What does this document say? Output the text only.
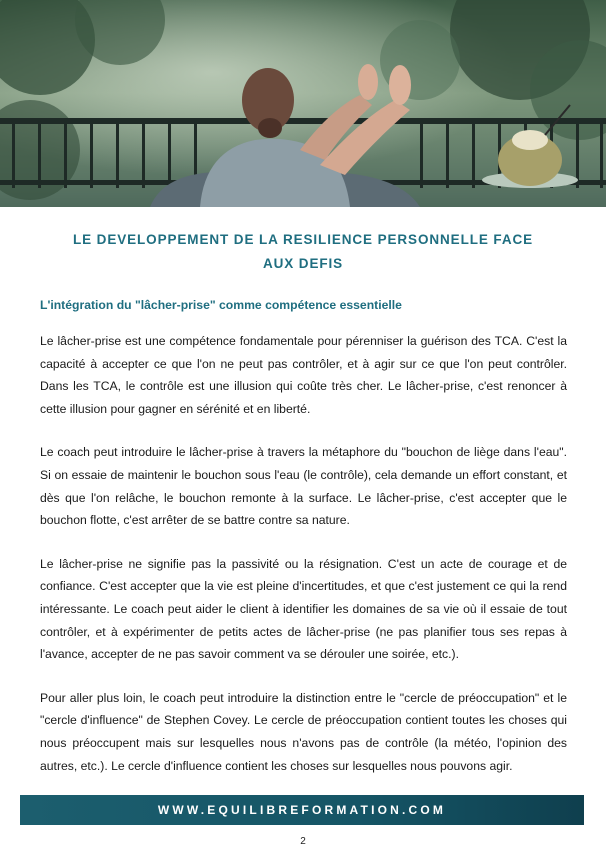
LE DEVELOPPEMENT DE LA RESILIENCE PERSONNELLE FACE
AUX DEFIS
L'intégration du "lâcher-prise" comme compétence essentielle

Le lâcher-prise est une compétence fondamentale pour pérenniser la guérison des TCA. C'est la capacité à accepter ce que l'on ne peut pas contrôler, et à agir sur ce que l'on peut contrôler. Dans les TCA, le contrôle est une illusion qui coûte très cher. Le lâcher-prise, c'est renoncer à cette illusion pour gagner en sérénité et en liberté.

Le coach peut introduire le lâcher-prise à travers la métaphore du "bouchon de liège dans l'eau". Si on essaie de maintenir le bouchon sous l'eau (le contrôle), cela demande un effort constant, et dès que l'on relâche, le bouchon remonte à la surface. Le lâcher-prise, c'est accepter que le bouchon flotte, c'est arrêter de se battre contre sa nature.

Le lâcher-prise ne signifie pas la passivité ou la résignation. C'est un acte de courage et de confiance. C'est accepter que la vie est pleine d'incertitudes, et que c'est justement ce qui la rend intéressante. Le coach peut aider le client à identifier les domaines de sa vie où il essaie de tout contrôler, et à expérimenter de petits actes de lâcher-prise (ne pas planifier tous ses repas à l'avance, accepter de ne pas savoir comment va se dérouler une soirée, etc.).

Pour aller plus loin, le coach peut introduire la distinction entre le "cercle de préoccupation" et le "cercle d'influence" de Stephen Covey. Le cercle de préoccupation contient toutes les choses qui nous préoccupent mais sur lesquelles nous n'avons pas de contrôle (la météo, l'opinion des autres, etc.). Le cercle d'influence contient les choses sur lesquelles nous pouvons agir.

WWW.EQUILIBREFORMATION.COM
2
